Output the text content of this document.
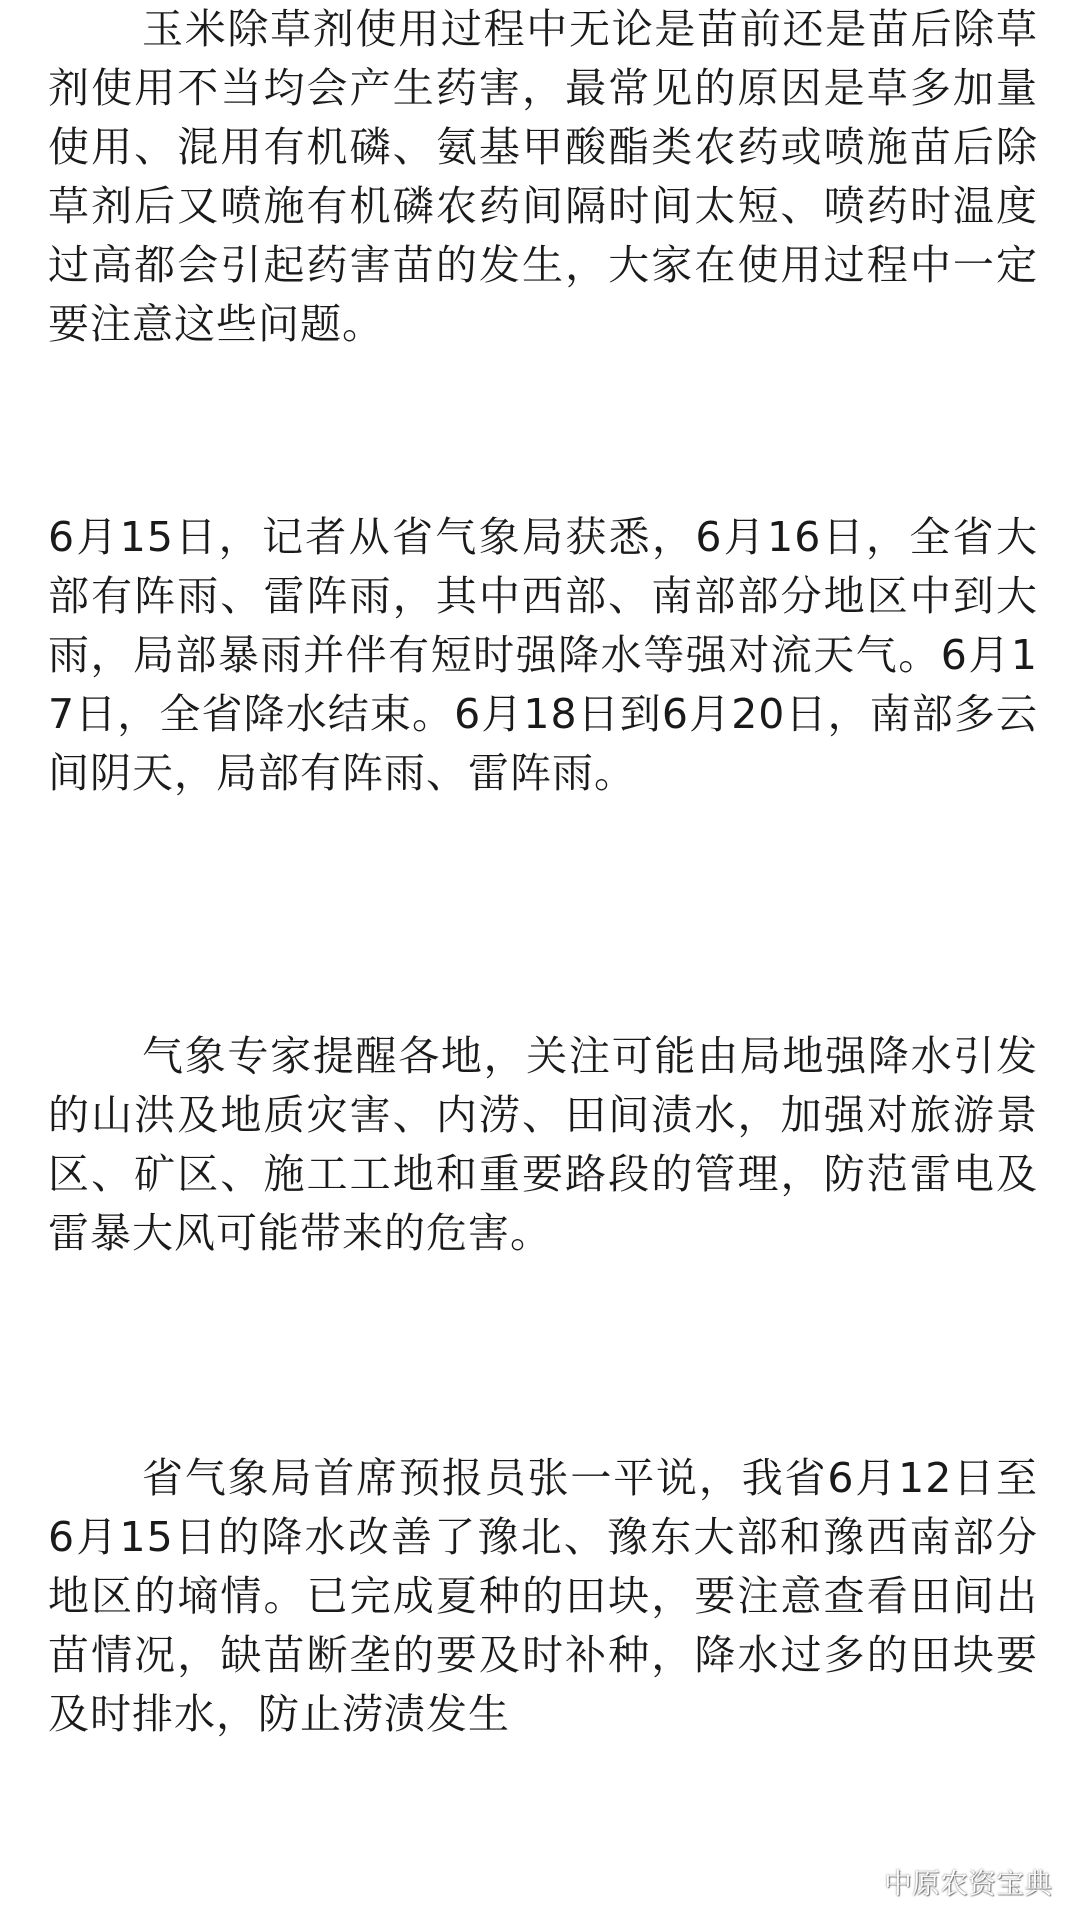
玉米除草剂使用过程中无论是苗前还是苗后除草剂使用不当均会产生药害，最常见的原因是草多加量使用、混用有机磷、氨基甲酸酯类农药或喷施苗后除草剂后又喷施有机磷农药间隔时间太短、喷药时温度过高都会引起药害苗的发生，大家在使用过程中一定要注意这些问题。

6月15日，记者从省气象局获悉，6月16日，全省大部有阵雨、雷阵雨，其中西部、南部部分地区中到大雨，局部暴雨并伴有短时强降水等强对流天气。6月17日，全省降水结束。6月18日到6月20日，南部多云间阴天，局部有阵雨、雷阵雨。

气象专家提醒各地，关注可能由局地强降水引发的山洪及地质灾害、内涝、田间渍水，加强对旅游景区、矿区、施工工地和重要路段的管理，防范雷电及雷暴大风可能带来的危害。

省气象局首席预报员张一平说，我省6月12日至6月15日的降水改善了豫北、豫东大部和豫西南部分地区的墒情。已完成夏种的田块，要注意查看田间出苗情况，缺苗断垄的要及时补种，降水过多的田块要及时排水，防止涝渍发生

中原农资宝典
